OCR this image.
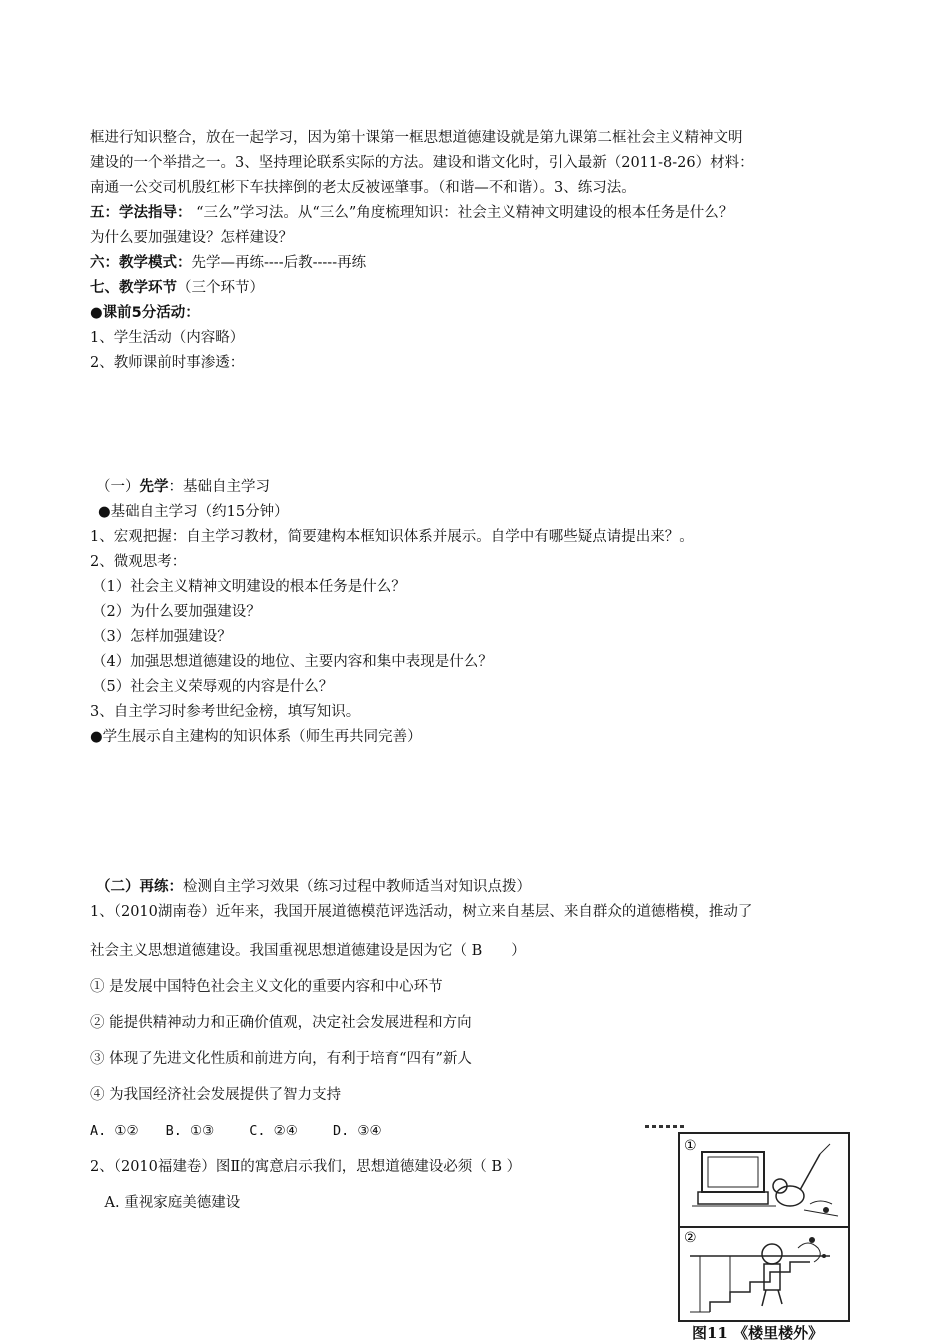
框进行知识整合，放在一起学习，因为第十课第一框思想道德建设就是第九课第二框社会主义精神文明
建设的一个举措之一。3、坚持理论联系实际的方法。建设和谐文化时，引入最新（2011-8-26）材料：
南通一公交司机殷红彬下车扶摔倒的老太反被诬肇事。（和谐—不和谐）。3、练习法。
五：学法指导： “三么”学习法。从“三么”角度梳理知识：社会主义精神文明建设的根本任务是什么？
为什么要加强建设？怎样建设？
六：教学模式：先学—再练----后教-----再练
七、教学环节（三个环节）
●课前5分活动：
1、学生活动（内容略）
2、教师课前时事渗透：
（一）先学：基础自主学习
●基础自主学习（约15分钟）
1、宏观把握：自主学习教材，简要建构本框知识体系并展示。自学中有哪些疑点请提出来？。
2、微观思考：
（1）社会主义精神文明建设的根本任务是什么？
（2）为什么要加强建设？
（3）怎样加强建设？
（4）加强思想道德建设的地位、主要内容和集中表现是什么？
（5）社会主义荣辱观的内容是什么？
3、自主学习时参考世纪金榜，填写知识。
●学生展示自主建构的知识体系（师生再共同完善）
（二）再练：检测自主学习效果（练习过程中教师适当对知识点拨）
1、（2010湖南卷）近年来，我国开展道德模范评选活动，树立来自基层、来自群众的道德楷模，推动了
社会主义思想道德建设。我国重视思想道德建设是因为它（ B　　）
① 是发展中国特色社会主义文化的重要内容和中心环节
② 能提供精神动力和正确价值观，决定社会发展进程和方向
③ 体现了先进文化性质和前进方向，有利于培育“四有”新人
④ 为我国经济社会发展提供了智力支持
A. ①②　　B. ①③　　 C. ②④　　 D. ③④
2、（2010福建卷）图Ⅱ的寓意启示我们，思想道德建设必须（ B ）
　A. 重视家庭美德建设
①
②
图11 《楼里楼外》
